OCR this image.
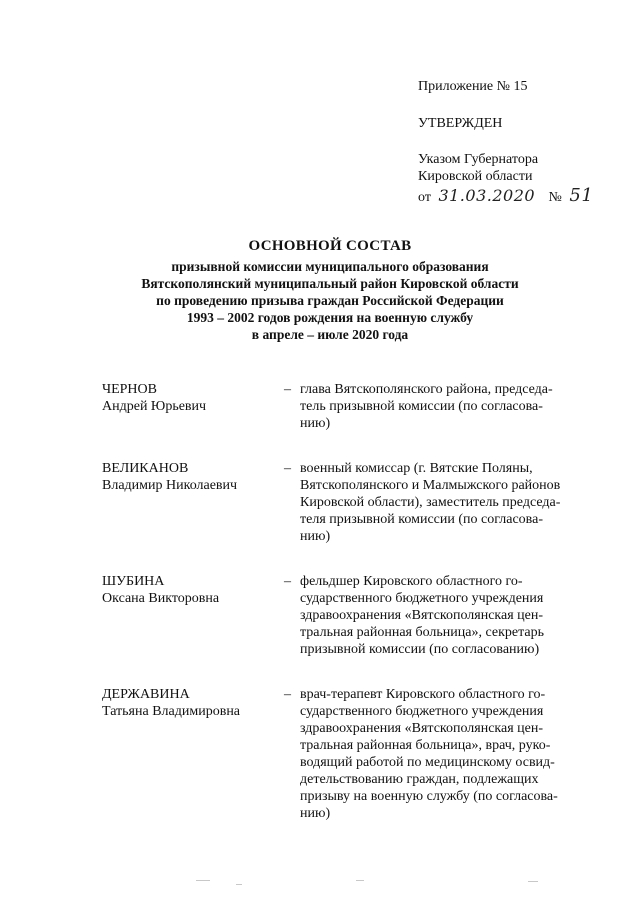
Приложение № 15
УТВЕРЖДЕН
Указом Губернатора
Кировской области
от 31.03.2020 № 51
ОСНОВНОЙ СОСТАВ
призывной комиссии муниципального образования
Вятскополянский муниципальный район Кировской области
по проведению призыва граждан Российской Федерации
1993 – 2002 годов рождения на военную службу
в апреле – июле 2020 года
ЧЕРНОВ
Андрей Юрьевич
– глава Вятскополянского района, председа-
тель призывной комиссии (по согласова-
нию)
ВЕЛИКАНОВ
Владимир Николаевич
– военный комиссар (г. Вятские Поляны,
Вятскополянского и Малмыжского районов
Кировской области), заместитель председа-
теля призывной комиссии (по согласова-
нию)
ШУБИНА
Оксана Викторовна
– фельдшер Кировского областного го-
сударственного бюджетного учреждения
здравоохранения «Вятскополянская цен-
тральная районная больница», секретарь
призывной комиссии (по согласованию)
ДЕРЖАВИНА
Татьяна Владимировна
– врач-терапевт Кировского областного го-
сударственного бюджетного учреждения
здравоохранения «Вятскополянская цен-
тральная районная больница», врач, руко-
водящий работой по медицинскому освид-
детельствованию граждан, подлежащих
призыву на военную службу (по согласова-
нию)
